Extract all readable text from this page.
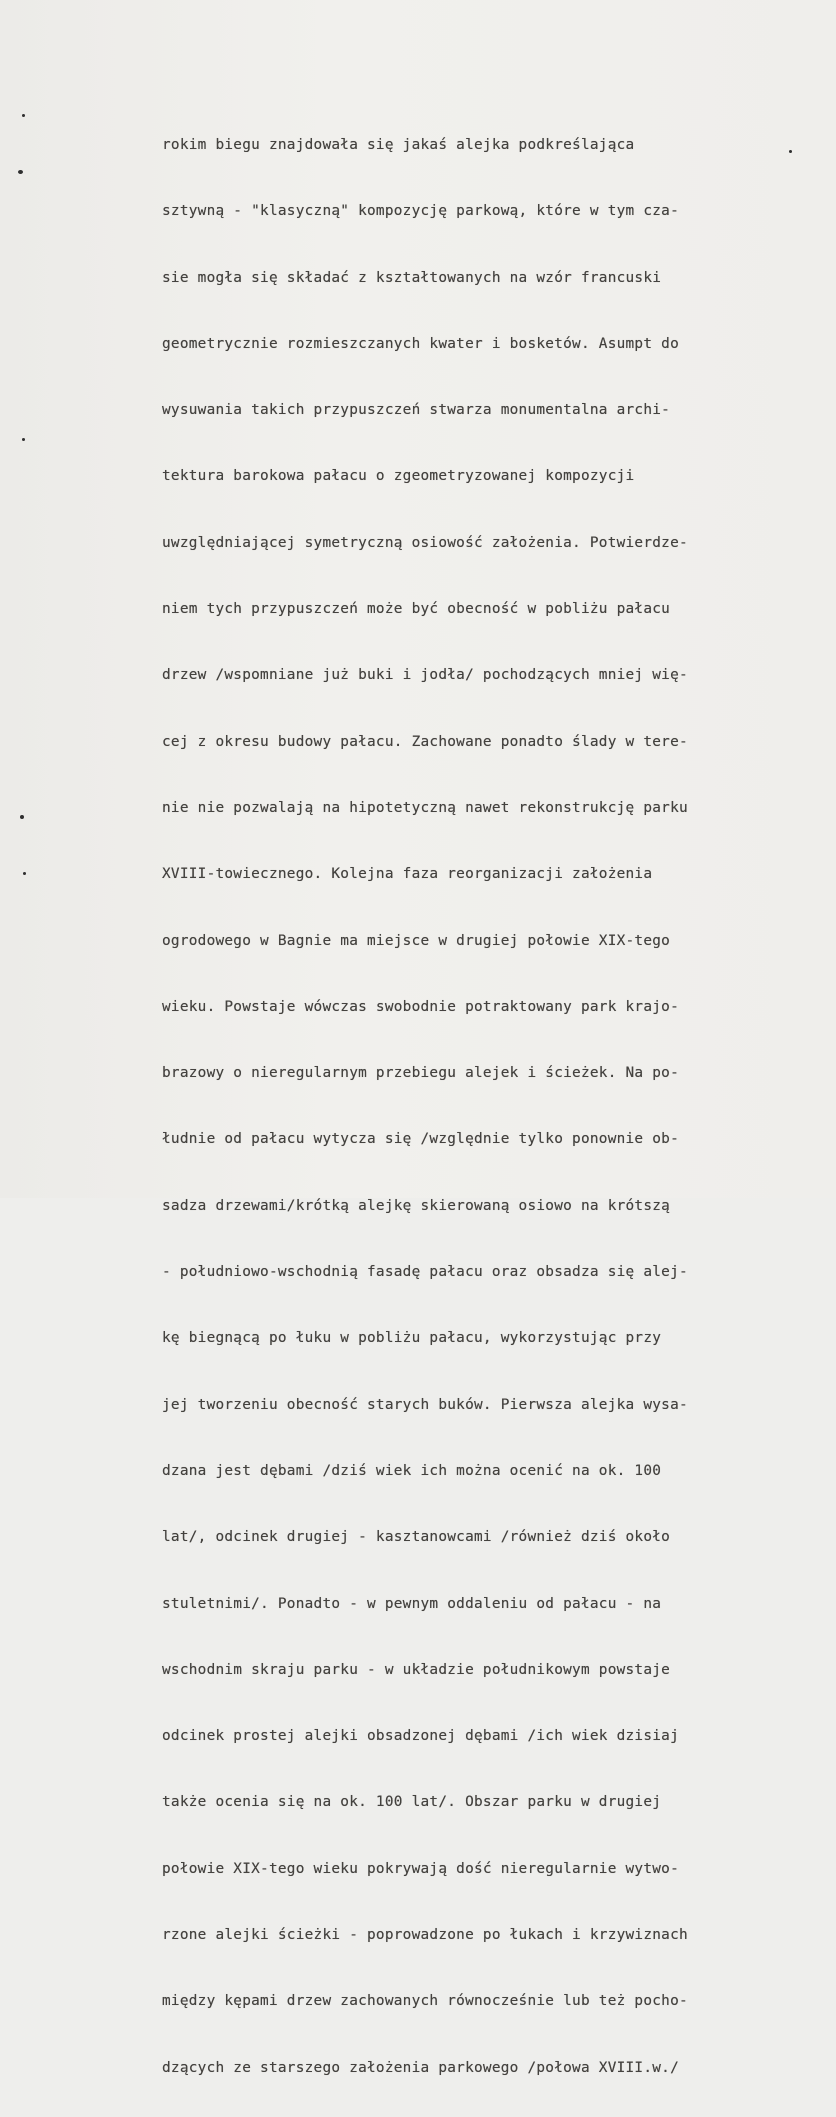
rokim biegu znajdowała się jakaś alejka podkreślająca

sztywną - "klasyczną" kompozycję parkową, które w tym cza-

sie mogła się składać z kształtowanych na wzór francuski

geometrycznie rozmieszczanych kwater i bosketów. Asumpt do

wysuwania takich przypuszczeń stwarza monumentalna archi-

tektura barokowa pałacu o zgeometryzowanej kompozycji

uwzględniającej symetryczną osiowość założenia. Potwierdze-

niem tych przypuszczeń może być obecność w pobliżu pałacu

drzew /wspomniane już buki i jodła/ pochodzących mniej wię-

cej z okresu budowy pałacu. Zachowane ponadto ślady w tere-

nie nie pozwalają na hipotetyczną nawet rekonstrukcję parku

XVIII-towiecznego. Kolejna faza reorganizacji założenia

ogrodowego w Bagnie ma miejsce w drugiej połowie XIX-tego

wieku. Powstaje wówczas swobodnie potraktowany park krajo-

brazowy o nieregularnym przebiegu alejek i ścieżek. Na po-

łudnie od pałacu wytycza się /względnie tylko ponownie ob-

sadza drzewami/krótką alejkę skierowaną osiowo na krótszą

- południowo-wschodnią fasadę pałacu oraz obsadza się alej-

kę biegnącą po łuku w pobliżu pałacu, wykorzystując przy

jej tworzeniu obecność starych buków. Pierwsza alejka wysa-

dzana jest dębami /dziś wiek ich można ocenić na ok. 100

lat/, odcinek drugiej - kasztanowcami /również dziś około

stuletnimi/. Ponadto - w pewnym oddaleniu od pałacu - na

wschodnim skraju parku - w układzie południkowym powstaje

odcinek prostej alejki obsadzonej dębami /ich wiek dzisiaj

także ocenia się na ok. 100 lat/. Obszar parku w drugiej

połowie XIX-tego wieku pokrywają dość nieregularnie wytwo-

rzone alejki ścieżki - poprowadzone po łukach i krzywiznach

między kępami drzew zachowanych równocześnie lub też pocho-

dzących ze starszego założenia parkowego /połowa XVIII.w./
